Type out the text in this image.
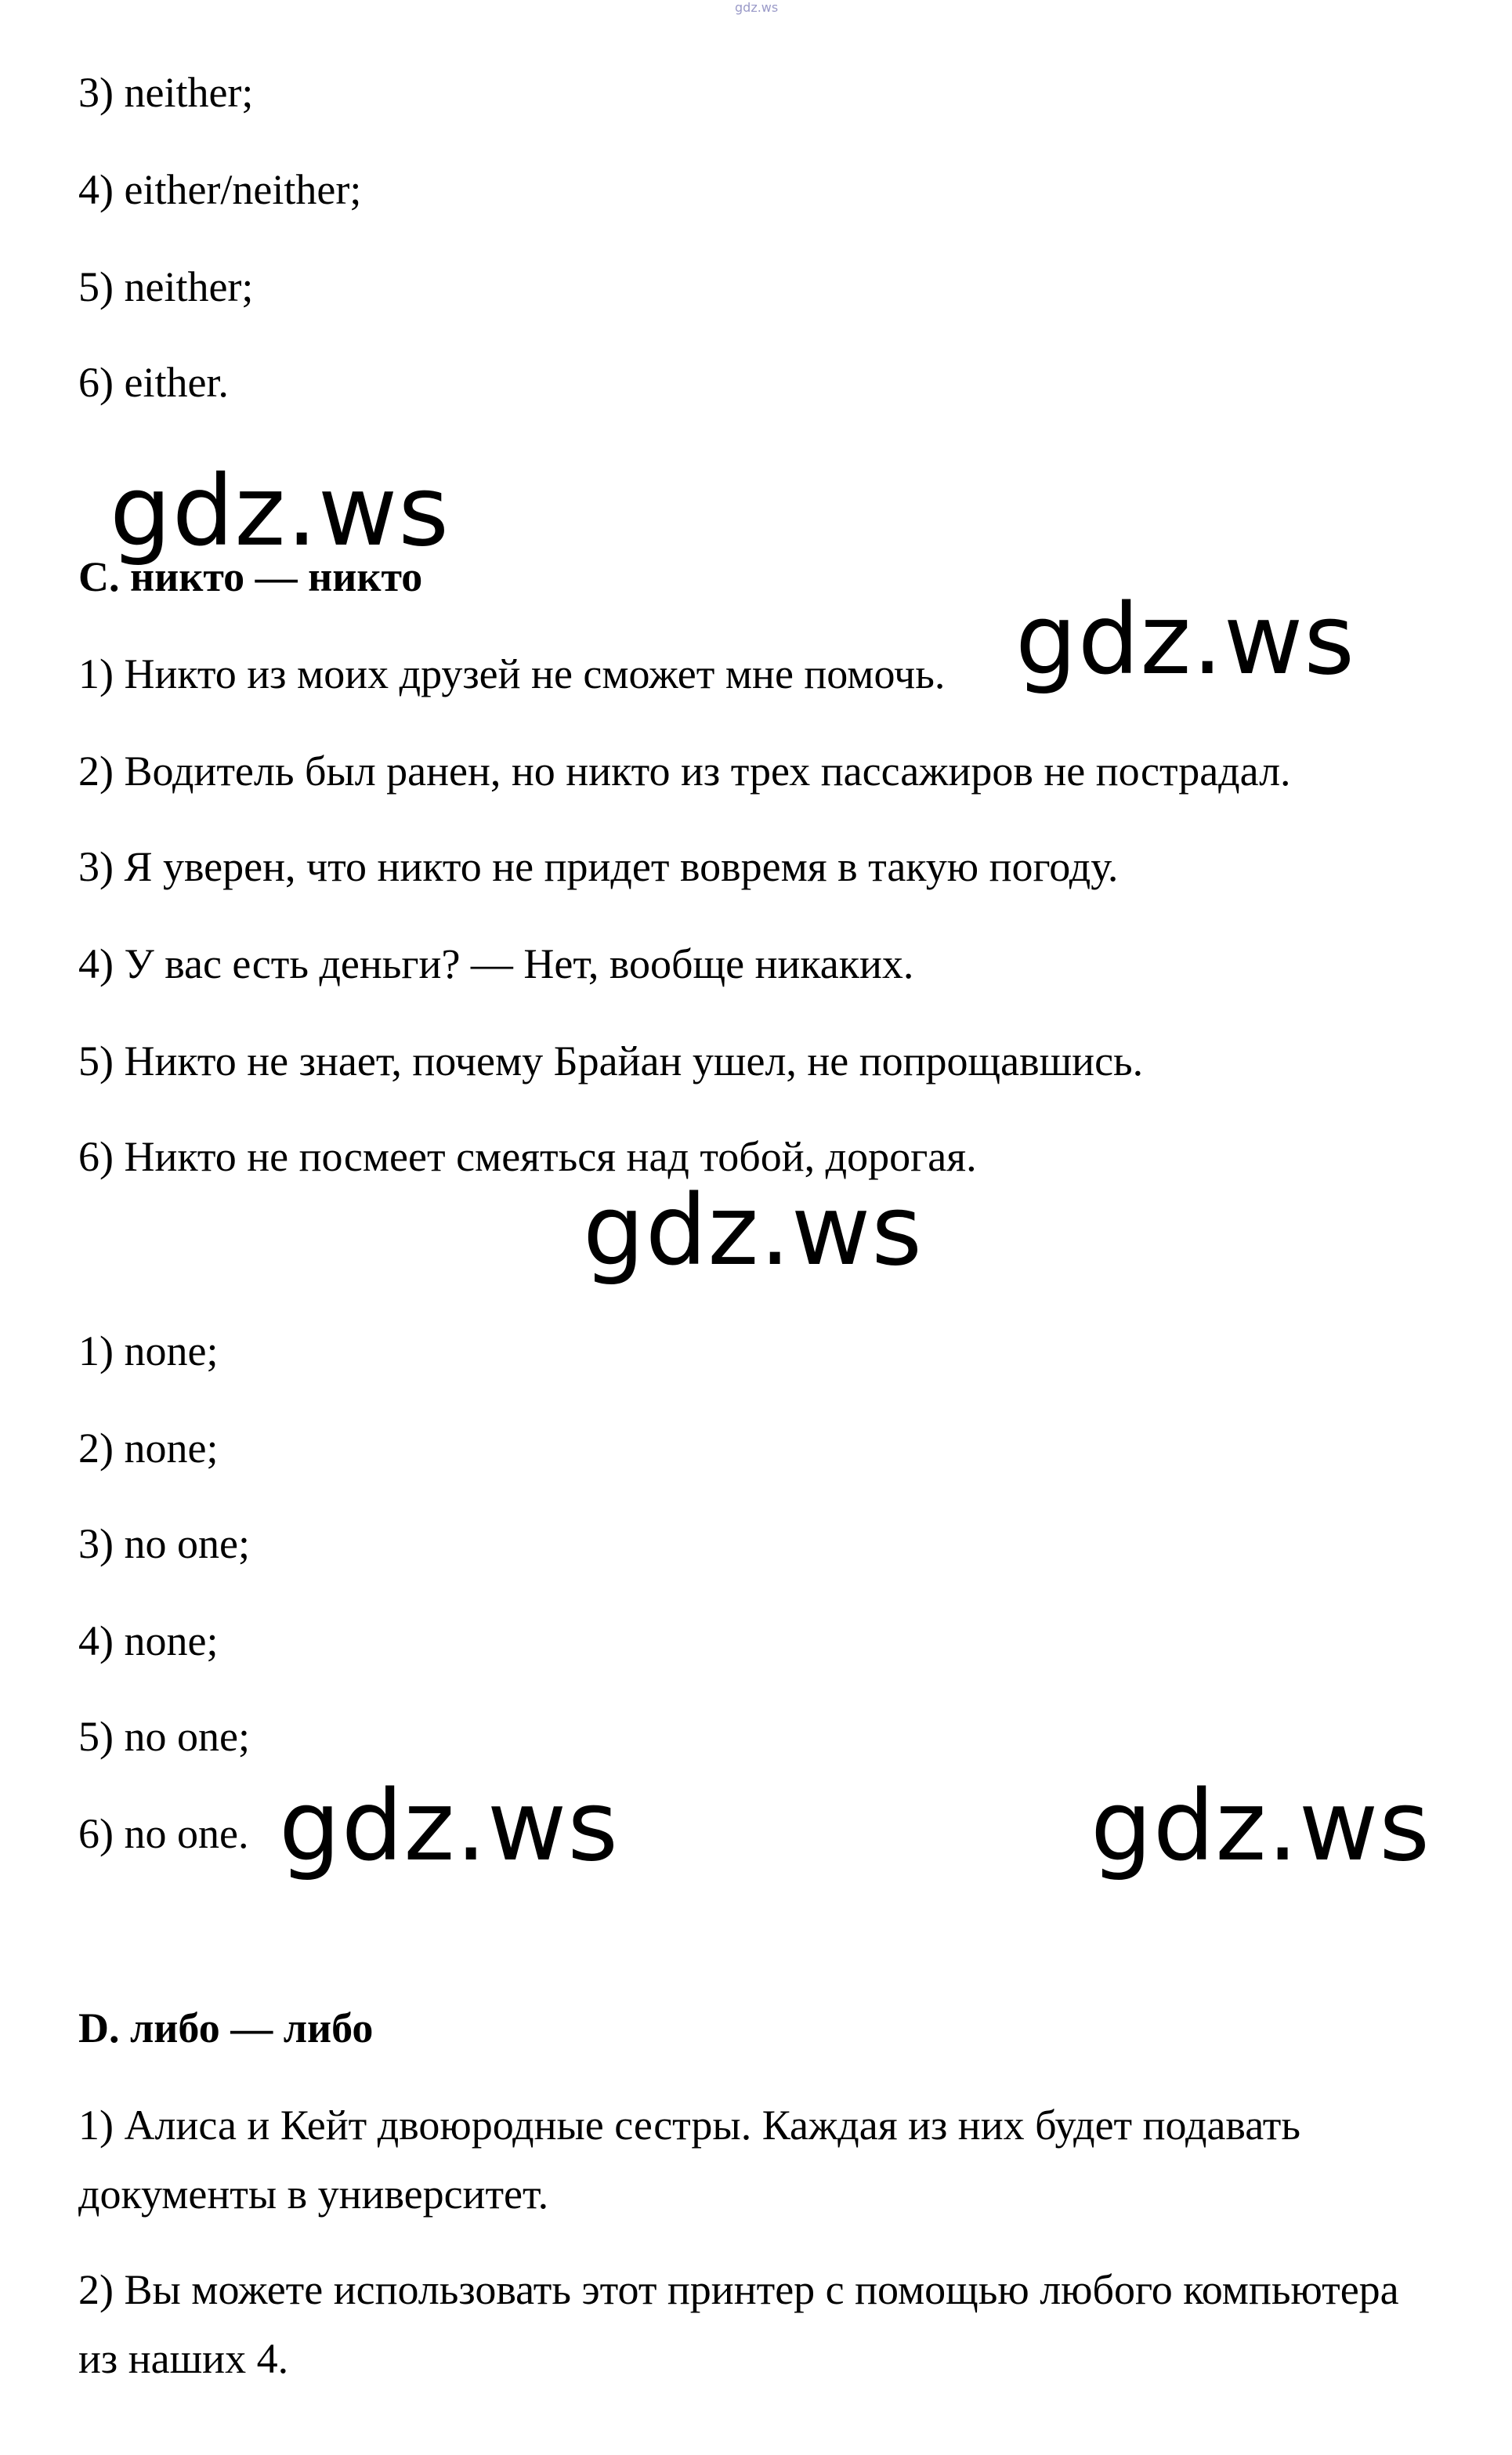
gdz.ws

3) neither;

4) either/neither;

5) neither;

6) either.

C. никто — никто

1) Никто из моих друзей не сможет мне помочь.

2) Водитель был ранен, но никто из трех пассажиров не пострадал.

3) Я уверен, что никто не придет вовремя в такую погоду.

4) У вас есть деньги? — Нет, вообще никаких.

5) Никто не знает, почему Брайан ушел, не попрощавшись.

6) Никто не посмеет смеяться над тобой, дорогая.

1) none;

2) none;

3) no one;

4) none;

5) no one;

6) no one.

D. либо — либо

1) Алиса и Кейт двоюродные сестры. Каждая из них будет подавать документы в университет.

2) Вы можете использовать этот принтер с помощью любого компьютера из наших 4.

gdz.ws
gdz.ws
gdz.ws
gdz.ws	gdz.ws
